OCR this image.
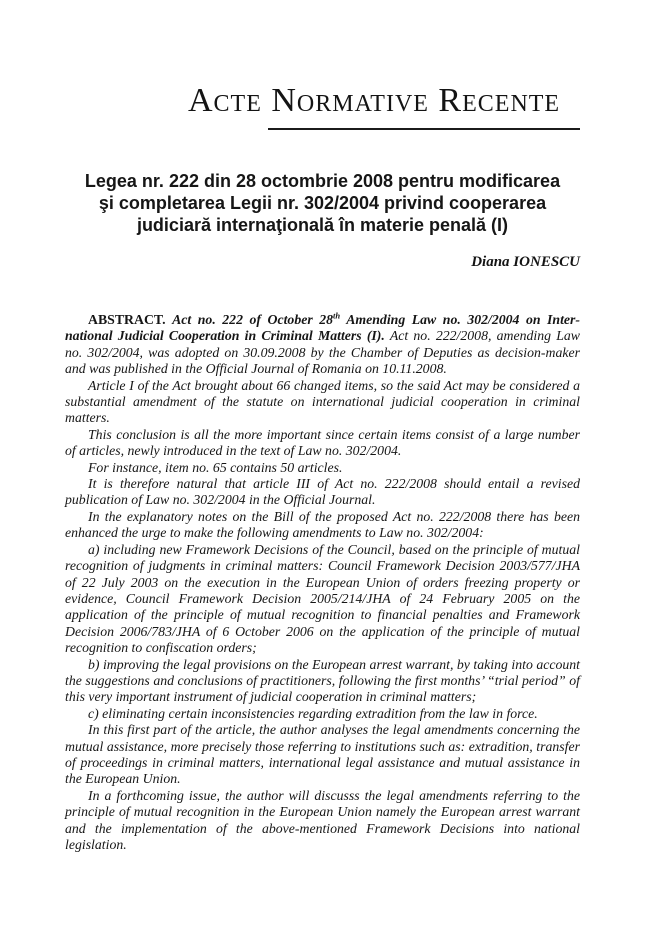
Acte Normative Recente
Legea nr. 222 din 28 octombrie 2008 pentru modificarea
şi completarea Legii nr. 302/2004 privind cooperarea
judiciară internaţională în materie penală (I)
Diana IONESCU

ABSTRACT. Act no. 222 of October 28th Amending Law no. 302/2004 on Inter-national Judicial Cooperation in Criminal Matters (I). Act no. 222/2008, amending Law no. 302/2004, was adopted on 30.09.2008 by the Chamber of Deputies as decision-maker and was published in the Official Journal of Romania on 10.11.2008.

Article I of the Act brought about 66 changed items, so the said Act may be considered a substantial amendment of the statute on international judicial cooperation in criminal matters.

This conclusion is all the more important since certain items consist of a large number of articles, newly introduced in the text of Law no. 302/2004.

For instance, item no. 65 contains 50 articles.

It is therefore natural that article III of Act no. 222/2008 should entail a revised publication of Law no. 302/2004 in the Official Journal.

In the explanatory notes on the Bill of the proposed Act no. 222/2008 there has been enhanced the urge to make the following amendments to Law no. 302/2004:

a) including new Framework Decisions of the Council, based on the principle of mutual recognition of judgments in criminal matters: Council Framework Decision 2003/577/JHA of 22 July 2003 on the execution in the European Union of orders freezing property or evidence, Council Framework Decision 2005/214/JHA of 24 February 2005 on the application of the principle of mutual recognition to financial penalties and Framework Decision 2006/783/JHA of 6 October 2006 on the application of the principle of mutual recognition to confiscation orders;

b) improving the legal provisions on the European arrest warrant, by taking into account the suggestions and conclusions of practitioners, following the first months’ “trial period” of this very important instrument of judicial cooperation in criminal matters;

c) eliminating certain inconsistencies regarding extradition from the law in force.

In this first part of the article, the author analyses the legal amendments concerning the mutual assistance, more precisely those referring to institutions such as: extradition, transfer of proceedings in criminal matters, international legal assistance and mutual assistance in the European Union.

In a forthcoming issue, the author will discusss the legal amendments referring to the principle of mutual recognition in the European Union namely the European arrest warrant and the implementation of the above-mentioned Framework Decisions into national legislation.
